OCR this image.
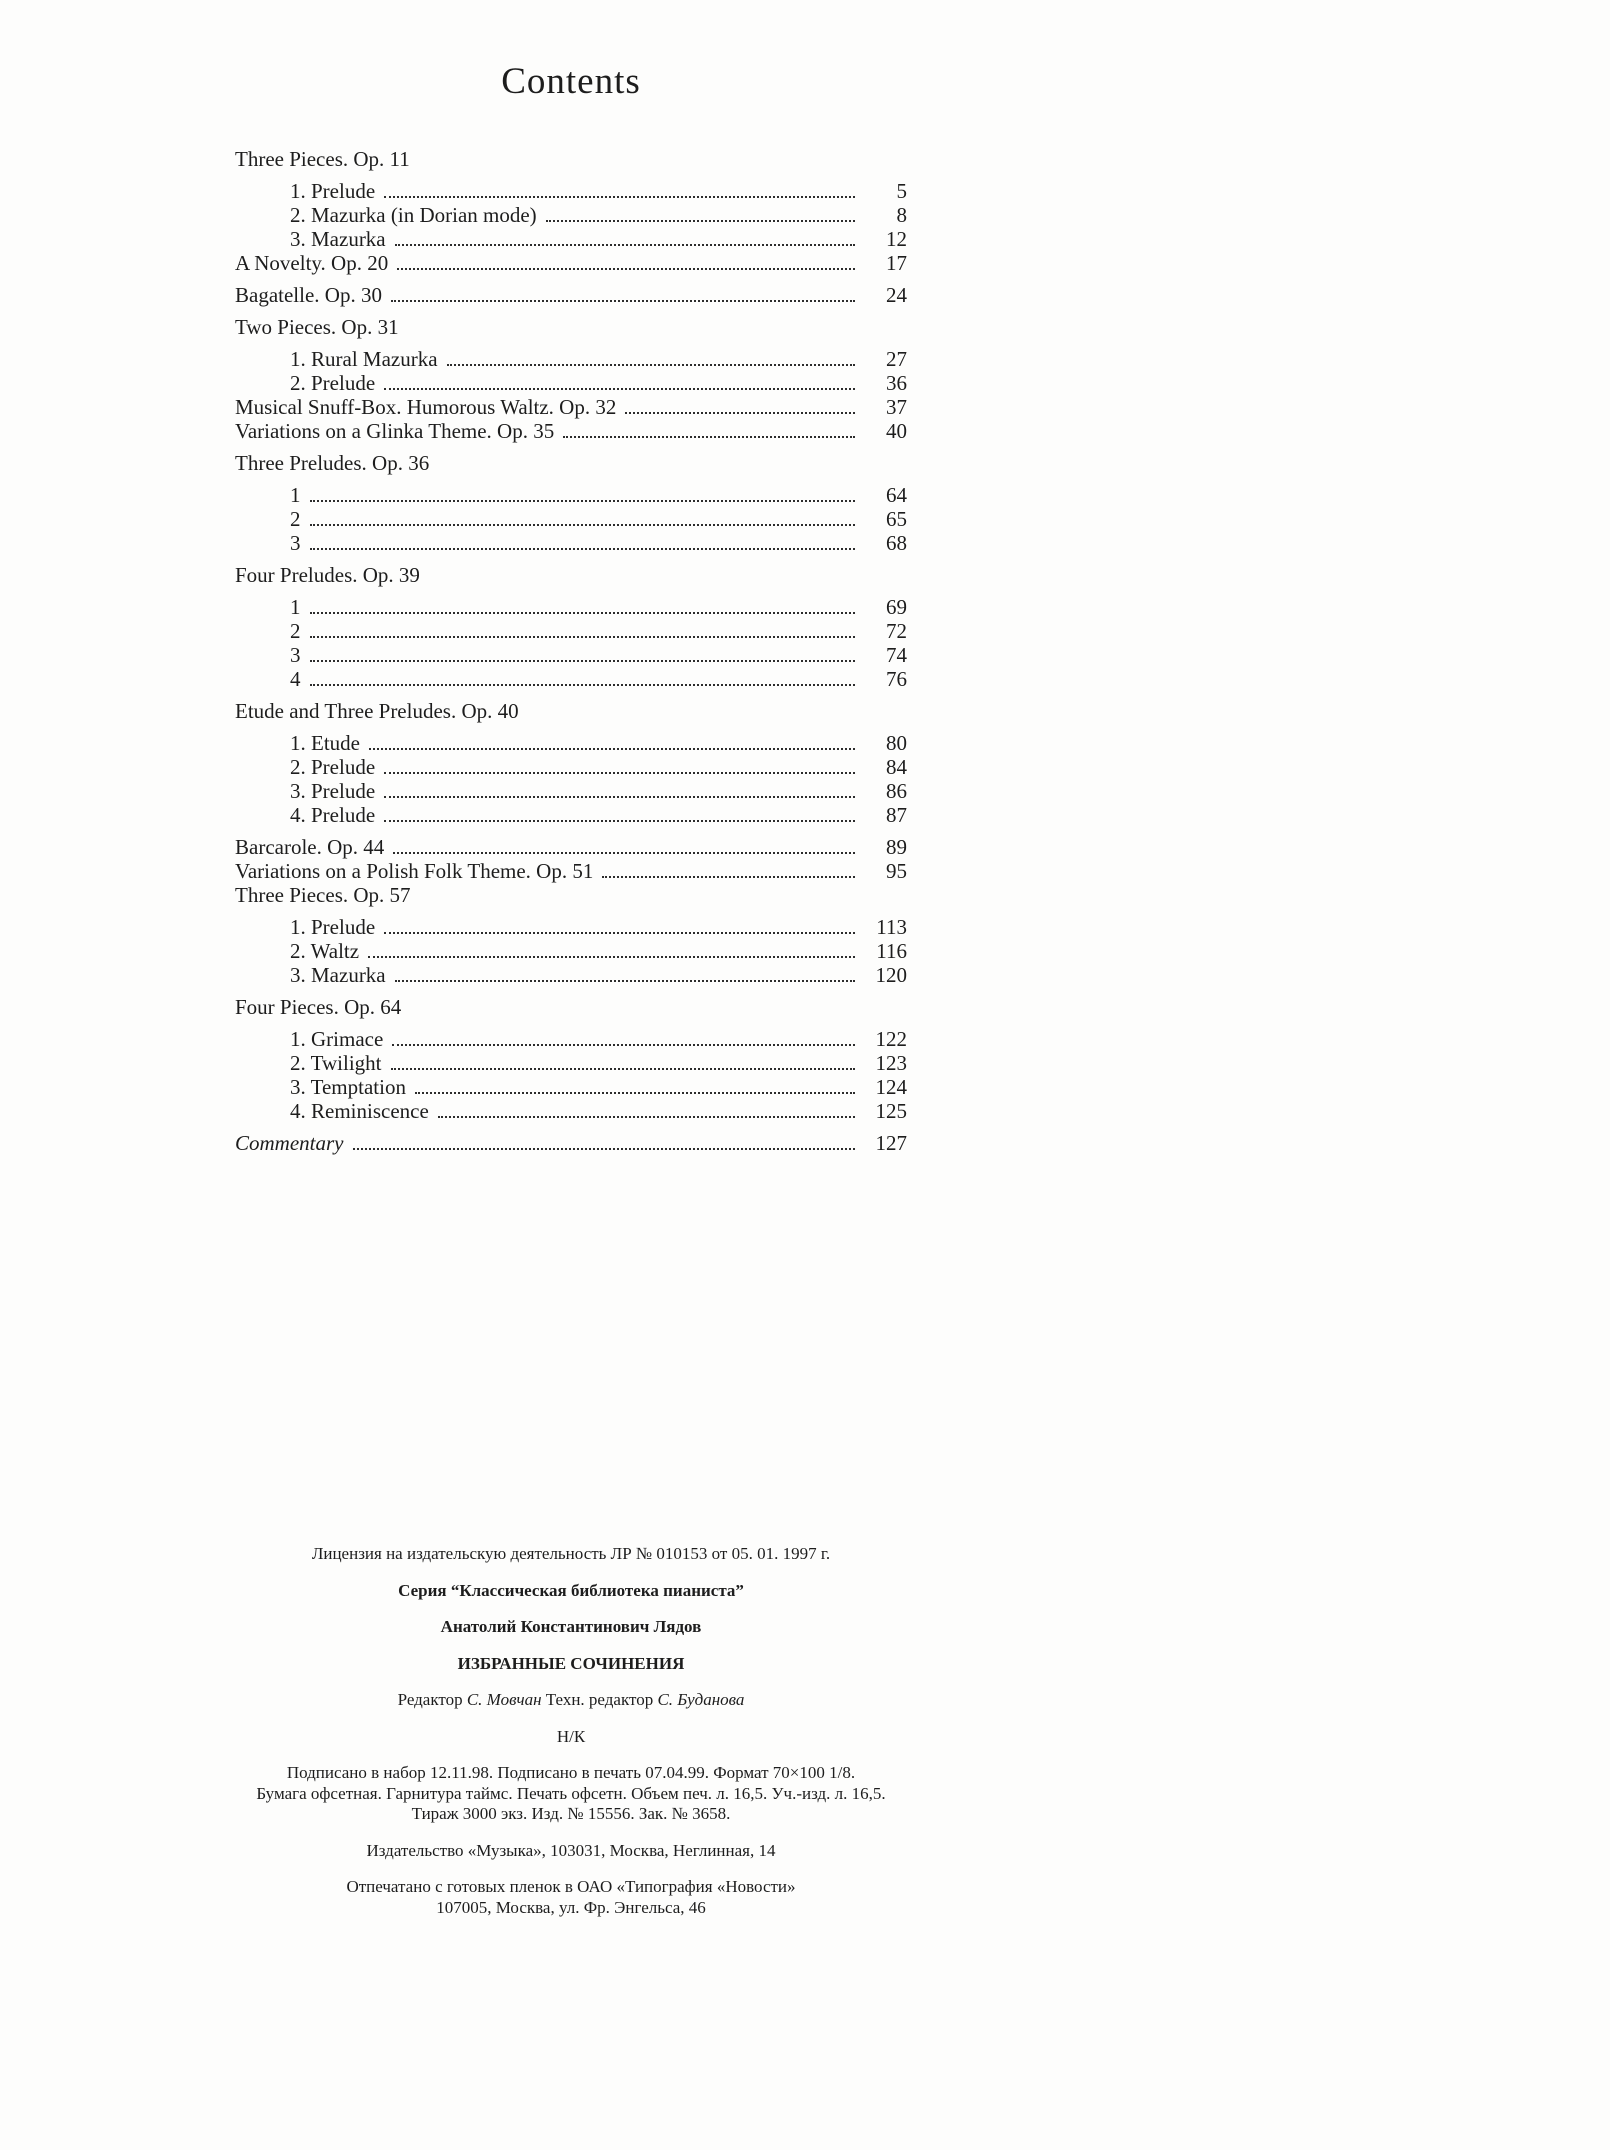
Contents
Three Pieces. Op. 11
1. Prelude	5
2. Mazurka (in Dorian mode)	8
3. Mazurka	12
A Novelty. Op. 20	17
Bagatelle. Op. 30	24
Two Pieces. Op. 31
1. Rural Mazurka	27
2. Prelude	36
Musical Snuff-Box. Humorous Waltz. Op. 32	37
Variations on a Glinka Theme. Op. 35	40
Three Preludes. Op. 36
1	64
2	65
3	68
Four Preludes. Op. 39
1	69
2	72
3	74
4	76
Etude and Three Preludes. Op. 40
1. Etude	80
2. Prelude	84
3. Prelude	86
4. Prelude	87
Barcarole. Op. 44	89
Variations on a Polish Folk Theme. Op. 51	95
Three Pieces. Op. 57
1. Prelude	113
2. Waltz	116
3. Mazurka	120
Four Pieces. Op. 64
1. Grimace	122
2. Twilight	123
3. Temptation	124
4. Reminiscence	125
Commentary	127
Лицензия на издательскую деятельность ЛР № 010153 от 05. 01. 1997 г.
Серия “Классическая библиотека пианиста”
Анатолий Константинович Лядов
ИЗБРАННЫЕ СОЧИНЕНИЯ
Редактор С. Мовчан Техн. редактор С. Буданова
Н/К
Подписано в набор 12.11.98. Подписано в печать 07.04.99. Формат 70×100 1/8.
Бумага офсетная. Гарнитура таймс. Печать офсетн. Объем печ. л. 16,5. Уч.-изд. л. 16,5.
Тираж 3000 экз. Изд. № 15556. Зак. № 3658.
Издательство «Музыка», 103031, Москва, Неглинная, 14
Отпечатано с готовых пленок в ОАО «Типография «Новости»
107005, Москва, ул. Фр. Энгельса, 46
